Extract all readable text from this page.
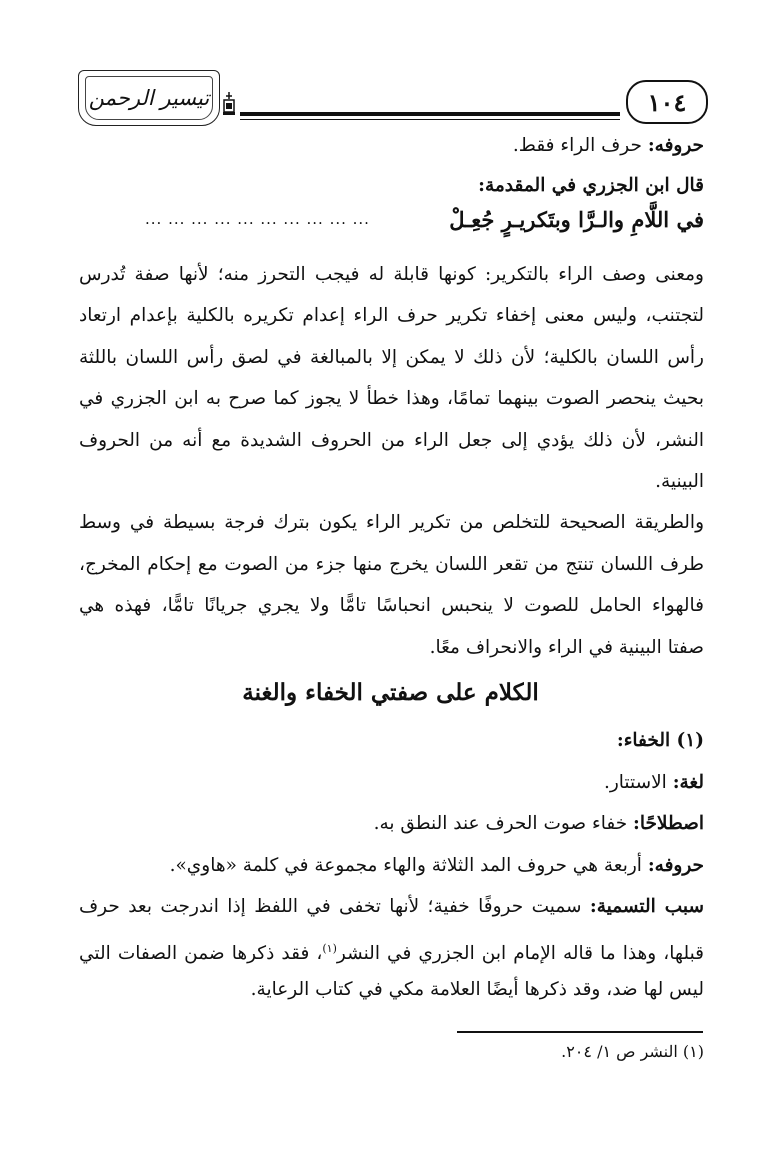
تيسير الرحمن	١٠٤
حروفه: حرف الراء فقط.
قال ابن الجزري في المقدمة:
في اللَّامِ والـرَّا وبتَكريـرٍ جُعِـلْ
... ... ... ... ... ... ... ... ... ...
ومعنى وصف الراء بالتكرير: كونها قابلة له فيجب التحرز منه؛ لأنها صفة تُدرس
لتجتنب، وليس معنى إخفاء تكرير حرف الراء إعدام تكريره بالكلية بإعدام ارتعاد
رأس اللسان بالكلية؛ لأن ذلك لا يمكن إلا بالمبالغة في لصق رأس اللسان باللثة
بحيث ينحصر الصوت بينهما تمامًا، وهذا خطأ لا يجوز كما صرح به ابن الجزري في
النشر، لأن ذلك يؤدي إلى جعل الراء من الحروف الشديدة مع أنه من الحروف
البينية.
والطريقة الصحيحة للتخلص من تكرير الراء يكون بترك فرجة بسيطة في وسط
طرف اللسان تنتج من تقعر اللسان يخرج منها جزء من الصوت مع إحكام المخرج،
فالهواء الحامل للصوت لا ينحبس انحباسًا تامًّا ولا يجري جريانًا تامًّا، فهذه هي
صفتا البينية في الراء والانحراف معًا.
الكلام على صفتي الخفاء والغنة
(١) الخفاء:
لغة: الاستتار.
اصطلاحًا: خفاء صوت الحرف عند النطق به.
حروفه: أربعة هي حروف المد الثلاثة والهاء مجموعة في كلمة «هاوي».
سبب التسمية: سميت حروفًا خفية؛ لأنها تخفى في اللفظ إذا اندرجت بعد حرف
قبلها، وهذا ما قاله الإمام ابن الجزري في النشر$^{(١)}$، فقد ذكرها ضمن الصفات التي
ليس لها ضد، وقد ذكرها أيضًا العلامة مكي في كتاب الرعاية.
(١) النشر ص ١/ ٢٠٤.
